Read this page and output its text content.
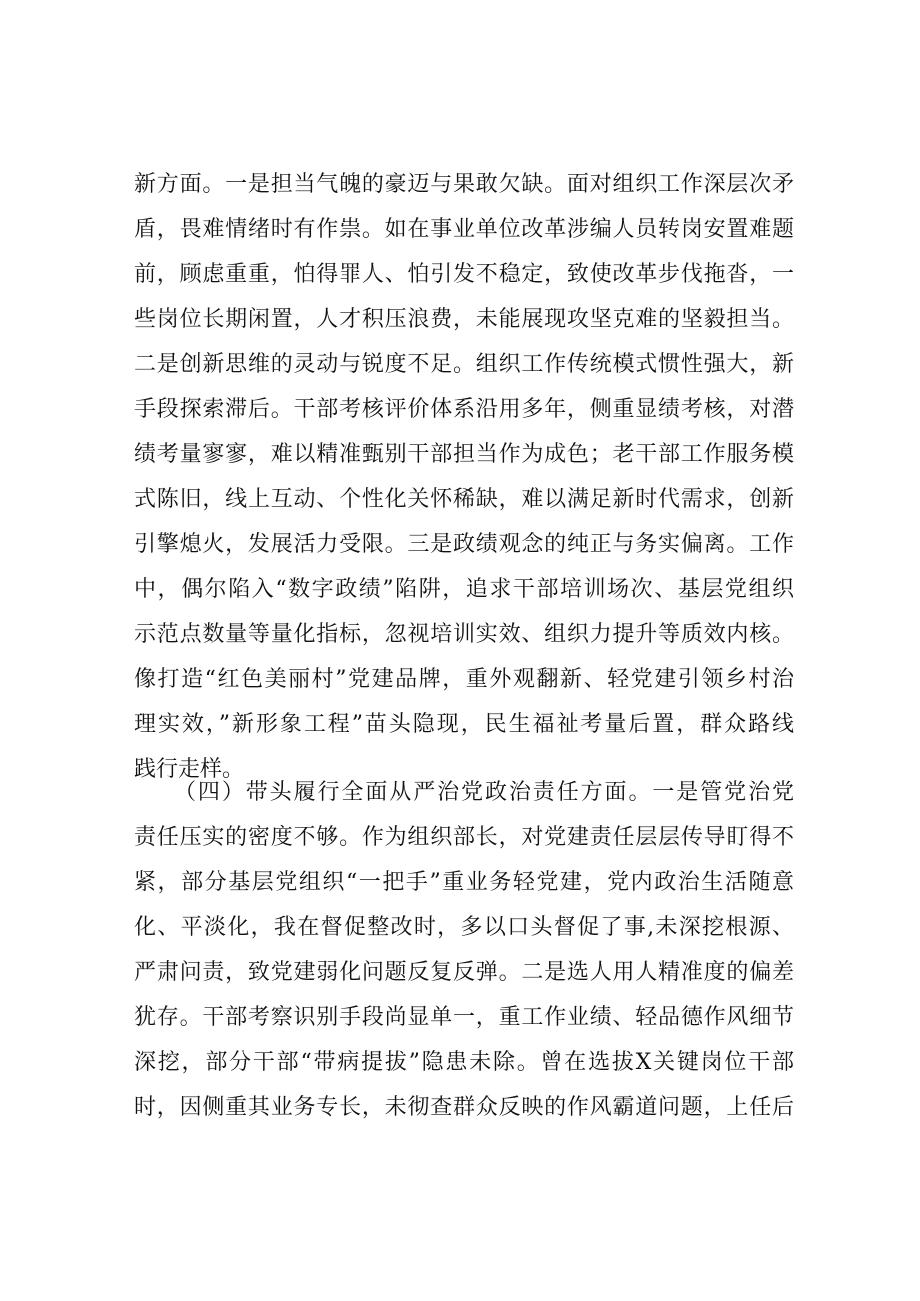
新方面。一是担当气魄的豪迈与果敢欠缺。面对组织工作深层次矛
盾，畏难情绪时有作祟。如在事业单位改革涉编人员转岗安置难题
前，顾虑重重，怕得罪人、怕引发不稳定，致使改革步伐拖沓，一
些岗位长期闲置，人才积压浪费，未能展现攻坚克难的坚毅担当。
二是创新思维的灵动与锐度不足。组织工作传统模式惯性强大，新
手段探索滞后。干部考核评价体系沿用多年，侧重显绩考核，对潜
绩考量寥寥，难以精准甄别干部担当作为成色；老干部工作服务模
式陈旧，线上互动、个性化关怀稀缺，难以满足新时代需求，创新
引擎熄火，发展活力受限。三是政绩观念的纯正与务实偏离。工作
中，偶尔陷入“数字政绩”陷阱，追求干部培训场次、基层党组织
示范点数量等量化指标，忽视培训实效、组织力提升等质效内核。
像打造“红色美丽村”党建品牌，重外观翻新、轻党建引领乡村治
理实效，”新形象工程”苗头隐现，民生福祉考量后置，群众路线
践行走样。
（四）带头履行全面从严治党政治责任方面。一是管党治党
责任压实的密度不够。作为组织部长，对党建责任层层传导盯得不
紧，部分基层党组织“一把手”重业务轻党建，党内政治生活随意
化、平淡化，我在督促整改时，多以口头督促了事,未深挖根源、
严肃问责，致党建弱化问题反复反弹。二是选人用人精准度的偏差
犹存。干部考察识别手段尚显单一，重工作业绩、轻品德作风细节
深挖，部分干部“带病提拔”隐患未除。曾在选拔X关键岗位干部
时，因侧重其业务专长，未彻查群众反映的作风霸道问题，上任后
